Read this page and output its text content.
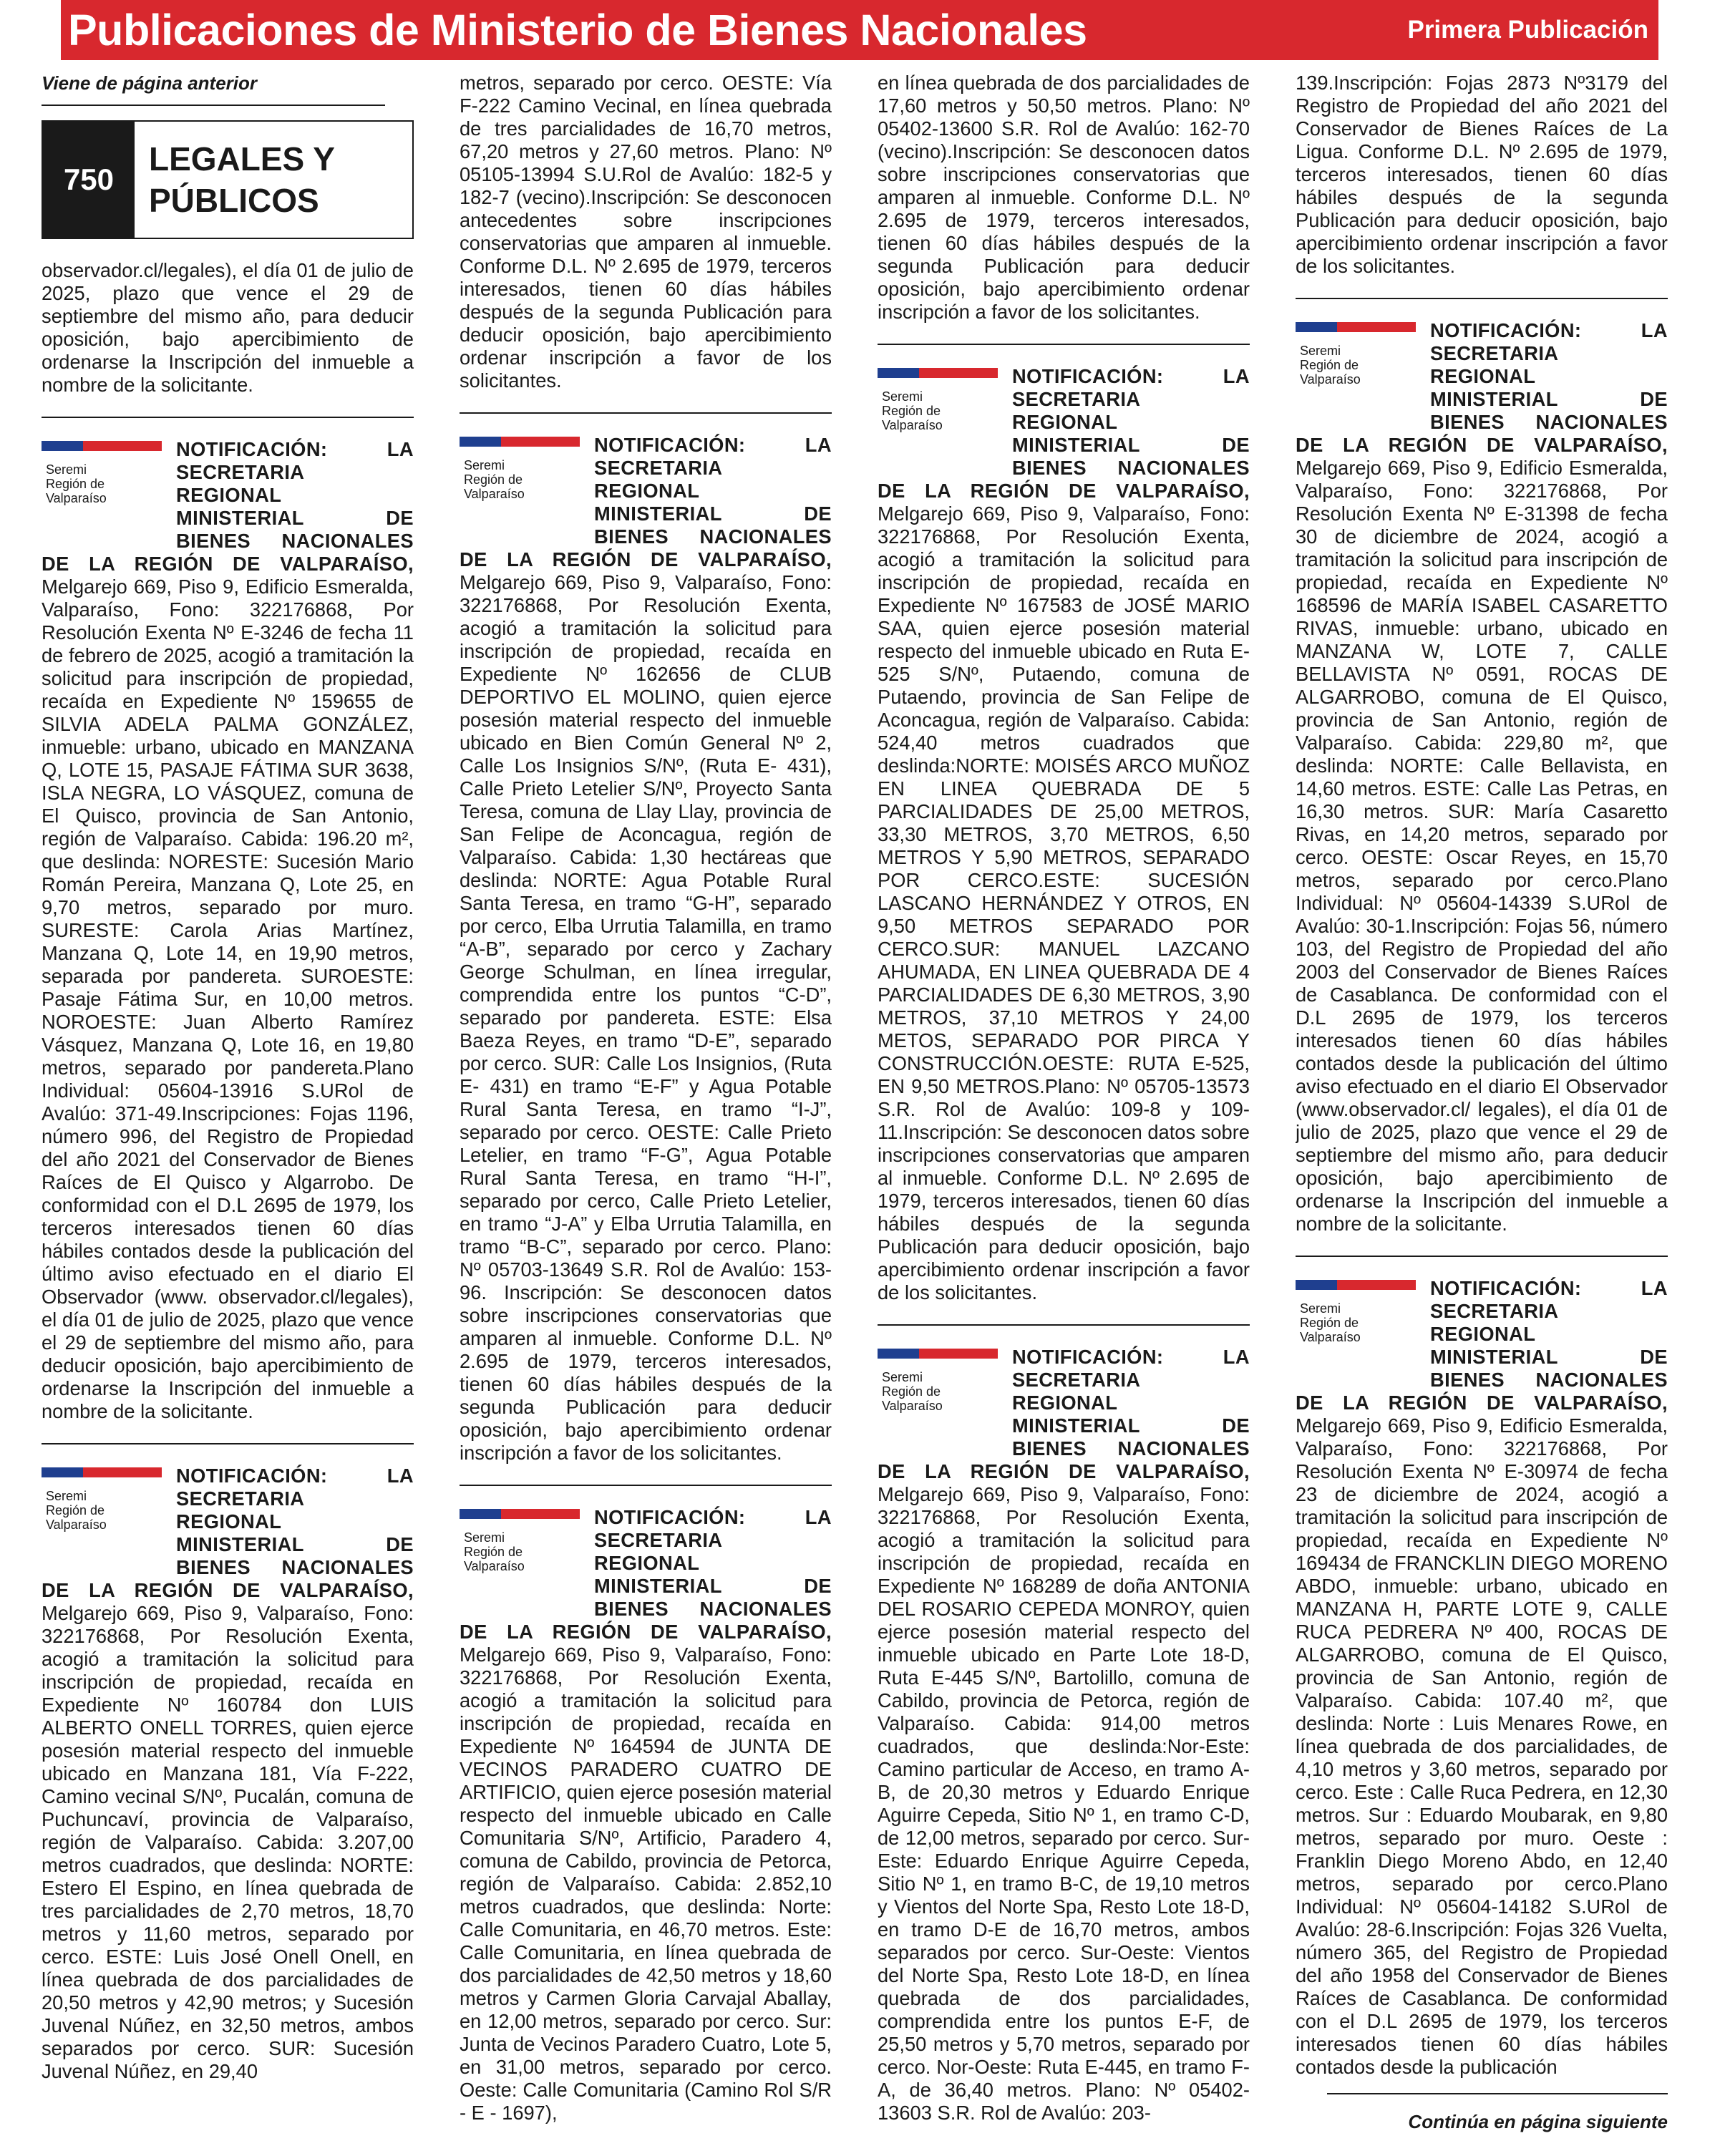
Publicaciones de Ministerio de Bienes Nacionales	Primera Publicación
Viene de página anterior
750
LEGALES Y
PÚBLICOS

observador.cl/legales), el día 01 de julio de 2025, plazo que vence el 29 de septiembre del mismo año, para deducir oposición, bajo apercibimiento de ordenarse la Inscripción del inmueble a nombre de la solicitante.

Seremi
Región de
Valparaíso

NOTIFICACIÓN: LA SECRETARIA REGIONAL MINISTERIAL DE BIENES NACIONALES DE LA REGIÓN DE VALPARAÍSO, Melgarejo 669, Piso 9, Edificio Esmeralda, Valparaíso, Fono: 322176868, Por Resolución Exenta Nº E-3246 de fecha 11 de febrero de 2025, acogió a tramitación la solicitud para inscripción de propiedad, recaída en Expediente Nº 159655 de SILVIA ADELA PALMA GONZÁLEZ, inmueble: urbano, ubicado en MANZANA Q, LOTE 15, PASAJE FÁTIMA SUR 3638, ISLA NEGRA, LO VÁSQUEZ, comuna de El Quisco, provincia de San Antonio, región de Valparaíso. Cabida: 196.20 m², que deslinda: NORESTE: Sucesión Mario Román Pereira, Manzana Q, Lote 25, en 9,70 metros, separado por muro. SURESTE: Carola Arias Martínez, Manzana Q, Lote 14, en 19,90 metros, separada por pandereta. SUROESTE: Pasaje Fátima Sur, en 10,00 metros. NOROESTE: Juan Alberto Ramírez Vásquez, Manzana Q, Lote 16, en 19,80 metros, separado por pandereta.Plano Individual: 05604-13916 S.URol de Avalúo: 371-49.Inscripciones: Fojas 1196, número 996, del Registro de Propiedad del año 2021 del Conservador de Bienes Raíces de El Quisco y Algarrobo. De conformidad con el D.L 2695 de 1979, los terceros interesados tienen 60 días hábiles contados desde la publicación del último aviso efectuado en el diario El Observador (www. observador.cl/legales), el día 01 de julio de 2025, plazo que vence el 29 de septiembre del mismo año, para deducir oposición, bajo apercibimiento de ordenarse la Inscripción del inmueble a nombre de la solicitante.

Seremi
Región de
Valparaíso

NOTIFICACIÓN: LA SECRETARIA REGIONAL MINISTERIAL DE BIENES NACIONALES DE LA REGIÓN DE VALPARAÍSO, Melgarejo 669, Piso 9, Valparaíso, Fono: 322176868, Por Resolución Exenta, acogió a tramitación la solicitud para inscripción de propiedad, recaída en Expediente Nº 160784 don LUIS ALBERTO ONELL TORRES, quien ejerce posesión material respecto del inmueble ubicado en Manzana 181, Vía F-222, Camino vecinal S/Nº, Pucalán, comuna de Puchuncaví, provincia de Valparaíso, región de Valparaíso. Cabida: 3.207,00 metros cuadrados, que deslinda: NORTE: Estero El Espino, en línea quebrada de tres parcialidades de 2,70 metros, 18,70 metros y 11,60 metros, separado por cerco. ESTE: Luis José Onell Onell, en línea quebrada de dos parcialidades de 20,50 metros y 42,90 metros; y Sucesión Juvenal Núñez, en 32,50 metros, ambos separados por cerco. SUR: Sucesión Juvenal Núñez, en 29,40

metros, separado por cerco. OESTE: Vía F-222 Camino Vecinal, en línea quebrada de tres parcialidades de 16,70 metros, 67,20 metros y 27,60 metros. Plano: Nº 05105-13994 S.U.Rol de Avalúo: 182-5 y 182-7 (vecino).Inscripción: Se desconocen antecedentes sobre inscripciones conservatorias que amparen al inmueble. Conforme D.L. Nº 2.695 de 1979, terceros interesados, tienen 60 días hábiles después de la segunda Publicación para deducir oposición, bajo apercibimiento ordenar inscripción a favor de los solicitantes.

Seremi
Región de
Valparaíso

NOTIFICACIÓN: LA SECRETARIA REGIONAL MINISTERIAL DE BIENES NACIONALES DE LA REGIÓN DE VALPARAÍSO, Melgarejo 669, Piso 9, Valparaíso, Fono: 322176868, Por Resolución Exenta, acogió a tramitación la solicitud para inscripción de propiedad, recaída en Expediente Nº 162656 de CLUB DEPORTIVO EL MOLINO, quien ejerce posesión material respecto del inmueble ubicado en Bien Común General Nº 2, Calle Los Insignios S/Nº, (Ruta E- 431), Calle Prieto Letelier S/Nº, Proyecto Santa Teresa, comuna de Llay Llay, provincia de San Felipe de Aconcagua, región de Valparaíso. Cabida: 1,30 hectáreas que deslinda: NORTE: Agua Potable Rural Santa Teresa, en tramo “G-H”, separado por cerco, Elba Urrutia Talamilla, en tramo “A-B”, separado por cerco y Zachary George Schulman, en línea irregular, comprendida entre los puntos “C-D”, separado por pandereta. ESTE: Elsa Baeza Reyes, en tramo “D-E”, separado por cerco. SUR: Calle Los Insignios, (Ruta E- 431) en tramo “E-F” y Agua Potable Rural Santa Teresa, en tramo “I-J”, separado por cerco. OESTE: Calle Prieto Letelier, en tramo “F-G”, Agua Potable Rural Santa Teresa, en tramo “H-I”, separado por cerco, Calle Prieto Letelier, en tramo “J-A” y Elba Urrutia Talamilla, en tramo “B-C”, separado por cerco. Plano: Nº 05703-13649 S.R. Rol de Avalúo: 153-96. Inscripción: Se desconocen datos sobre inscripciones conservatorias que amparen al inmueble. Conforme D.L. Nº 2.695 de 1979, terceros interesados, tienen 60 días hábiles después de la segunda Publicación para deducir oposición, bajo apercibimiento ordenar inscripción a favor de los solicitantes.

Seremi
Región de
Valparaíso

NOTIFICACIÓN: LA SECRETARIA REGIONAL MINISTERIAL DE BIENES NACIONALES DE LA REGIÓN DE VALPARAÍSO, Melgarejo 669, Piso 9, Valparaíso, Fono: 322176868, Por Resolución Exenta, acogió a tramitación la solicitud para inscripción de propiedad, recaída en Expediente Nº 164594 de JUNTA DE VECINOS PARADERO CUATRO DE ARTIFICIO, quien ejerce posesión material respecto del inmueble ubicado en Calle Comunitaria S/Nº, Artificio, Paradero 4, comuna de Cabildo, provincia de Petorca, región de Valparaíso. Cabida: 2.852,10 metros cuadrados, que deslinda: Norte: Calle Comunitaria, en 46,70 metros. Este: Calle Comunitaria, en línea quebrada de dos parcialidades de 42,50 metros y 18,60 metros y Carmen Gloria Carvajal Aballay, en 12,00 metros, separado por cerco. Sur: Junta de Vecinos Paradero Cuatro, Lote 5, en 31,00 metros, separado por cerco. Oeste: Calle Comunitaria (Camino Rol S/R - E - 1697),

en línea quebrada de dos parcialidades de 17,60 metros y 50,50 metros. Plano: Nº 05402-13600 S.R. Rol de Avalúo: 162-70 (vecino).Inscripción: Se desconocen datos sobre inscripciones conservatorias que amparen al inmueble. Conforme D.L. Nº 2.695 de 1979, terceros interesados, tienen 60 días hábiles después de la segunda Publicación para deducir oposición, bajo apercibimiento ordenar inscripción a favor de los solicitantes.

Seremi
Región de
Valparaíso

NOTIFICACIÓN: LA SECRETARIA REGIONAL MINISTERIAL DE BIENES NACIONALES DE LA REGIÓN DE VALPARAÍSO, Melgarejo 669, Piso 9, Valparaíso, Fono: 322176868, Por Resolución Exenta, acogió a tramitación la solicitud para inscripción de propiedad, recaída en Expediente Nº 167583 de JOSÉ MARIO SAA, quien ejerce posesión material respecto del inmueble ubicado en Ruta E-525 S/Nº, Putaendo, comuna de Putaendo, provincia de San Felipe de Aconcagua, región de Valparaíso. Cabida: 524,40 metros cuadrados que deslinda:NORTE: MOISÉS ARCO MUÑOZ EN LINEA QUEBRADA DE 5 PARCIALIDADES DE 25,00 METROS, 33,30 METROS, 3,70 METROS, 6,50 METROS Y 5,90 METROS, SEPARADO POR CERCO.ESTE: SUCESIÓN LASCANO HERNÁNDEZ Y OTROS, EN 9,50 METROS SEPARADO POR CERCO.SUR: MANUEL LAZCANO AHUMADA, EN LINEA QUEBRADA DE 4 PARCIALIDADES DE 6,30 METROS, 3,90 METROS, 37,10 METROS Y 24,00 METOS, SEPARADO POR PIRCA Y CONSTRUCCIÓN.OESTE: RUTA E-525, EN 9,50 METROS.Plano: Nº 05705-13573 S.R. Rol de Avalúo: 109-8 y 109-11.Inscripción: Se desconocen datos sobre inscripciones conservatorias que amparen al inmueble. Conforme D.L. Nº 2.695 de 1979, terceros interesados, tienen 60 días hábiles después de la segunda Publicación para deducir oposición, bajo apercibimiento ordenar inscripción a favor de los solicitantes.

Seremi
Región de
Valparaíso

NOTIFICACIÓN: LA SECRETARIA REGIONAL MINISTERIAL DE BIENES NACIONALES DE LA REGIÓN DE VALPARAÍSO, Melgarejo 669, Piso 9, Valparaíso, Fono: 322176868, Por Resolución Exenta, acogió a tramitación la solicitud para inscripción de propiedad, recaída en Expediente Nº 168289 de doña ANTONIA DEL ROSARIO CEPEDA MONROY, quien ejerce posesión material respecto del inmueble ubicado en Parte Lote 18-D, Ruta E-445 S/Nº, Bartolillo, comuna de Cabildo, provincia de Petorca, región de Valparaíso. Cabida: 914,00 metros cuadrados, que deslinda:Nor-Este: Camino particular de Acceso, en tramo A-B, de 20,30 metros y Eduardo Enrique Aguirre Cepeda, Sitio Nº 1, en tramo C-D, de 12,00 metros, separado por cerco. Sur-Este: Eduardo Enrique Aguirre Cepeda, Sitio Nº 1, en tramo B-C, de 19,10 metros y Vientos del Norte Spa, Resto Lote 18-D, en tramo D-E de 16,70 metros, ambos separados por cerco. Sur-Oeste: Vientos del Norte Spa, Resto Lote 18-D, en línea quebrada de dos parcialidades, comprendida entre los puntos E-F, de 25,50 metros y 5,70 metros, separado por cerco. Nor-Oeste: Ruta E-445, en tramo F-A, de 36,40 metros. Plano: Nº 05402-13603 S.R. Rol de Avalúo: 203-

139.Inscripción: Fojas 2873 Nº3179 del Registro de Propiedad del año 2021 del Conservador de Bienes Raíces de La Ligua. Conforme D.L. Nº 2.695 de 1979, terceros interesados, tienen 60 días hábiles después de la segunda Publicación para deducir oposición, bajo apercibimiento ordenar inscripción a favor de los solicitantes.

Seremi
Región de
Valparaíso

NOTIFICACIÓN: LA SECRETARIA REGIONAL MINISTERIAL DE BIENES NACIONALES DE LA REGIÓN DE VALPARAÍSO, Melgarejo 669, Piso 9, Edificio Esmeralda, Valparaíso, Fono: 322176868, Por Resolución Exenta Nº E-31398 de fecha 30 de diciembre de 2024, acogió a tramitación la solicitud para inscripción de propiedad, recaída en Expediente Nº 168596 de MARÍA ISABEL CASARETTO RIVAS, inmueble: urbano, ubicado en MANZANA W, LOTE 7, CALLE BELLAVISTA Nº 0591, ROCAS DE ALGARROBO, comuna de El Quisco, provincia de San Antonio, región de Valparaíso. Cabida: 229,80 m², que deslinda: NORTE: Calle Bellavista, en 14,60 metros. ESTE: Calle Las Petras, en 16,30 metros. SUR: María Casaretto Rivas, en 14,20 metros, separado por cerco. OESTE: Oscar Reyes, en 15,70 metros, separado por cerco.Plano Individual: Nº 05604-14339 S.URol de Avalúo: 30-1.Inscripción: Fojas 56, número 103, del Registro de Propiedad del año 2003 del Conservador de Bienes Raíces de Casablanca. De conformidad con el D.L 2695 de 1979, los terceros interesados tienen 60 días hábiles contados desde la publicación del último aviso efectuado en el diario El Observador (www.observador.cl/ legales), el día 01 de julio de 2025, plazo que vence el 29 de septiembre del mismo año, para deducir oposición, bajo apercibimiento de ordenarse la Inscripción del inmueble a nombre de la solicitante.

Seremi
Región de
Valparaíso

NOTIFICACIÓN: LA SECRETARIA REGIONAL MINISTERIAL DE BIENES NACIONALES DE LA REGIÓN DE VALPARAÍSO, Melgarejo 669, Piso 9, Edificio Esmeralda, Valparaíso, Fono: 322176868, Por Resolución Exenta Nº E-30974 de fecha 23 de diciembre de 2024, acogió a tramitación la solicitud para inscripción de propiedad, recaída en Expediente Nº 169434 de FRANCKLIN DIEGO MORENO ABDO, inmueble: urbano, ubicado en MANZANA H, PARTE LOTE 9, CALLE RUCA PEDRERA Nº 400, ROCAS DE ALGARROBO, comuna de El Quisco, provincia de San Antonio, región de Valparaíso. Cabida: 107.40 m², que deslinda: Norte : Luis Menares Rowe, en línea quebrada de dos parcialidades, de 4,10 metros y 3,60 metros, separado por cerco. Este : Calle Ruca Pedrera, en 12,30 metros. Sur : Eduardo Moubarak, en 9,80 metros, separado por muro. Oeste : Franklin Diego Moreno Abdo, en 12,40 metros, separado por cerco.Plano Individual: Nº 05604-14182 S.URol de Avalúo: 28-6.Inscripción: Fojas 326 Vuelta, número 365, del Registro de Propiedad del año 1958 del Conservador de Bienes Raíces de Casablanca. De conformidad con el D.L 2695 de 1979, los terceros interesados tienen 60 días hábiles contados desde la publicación

Continúa en página siguiente
